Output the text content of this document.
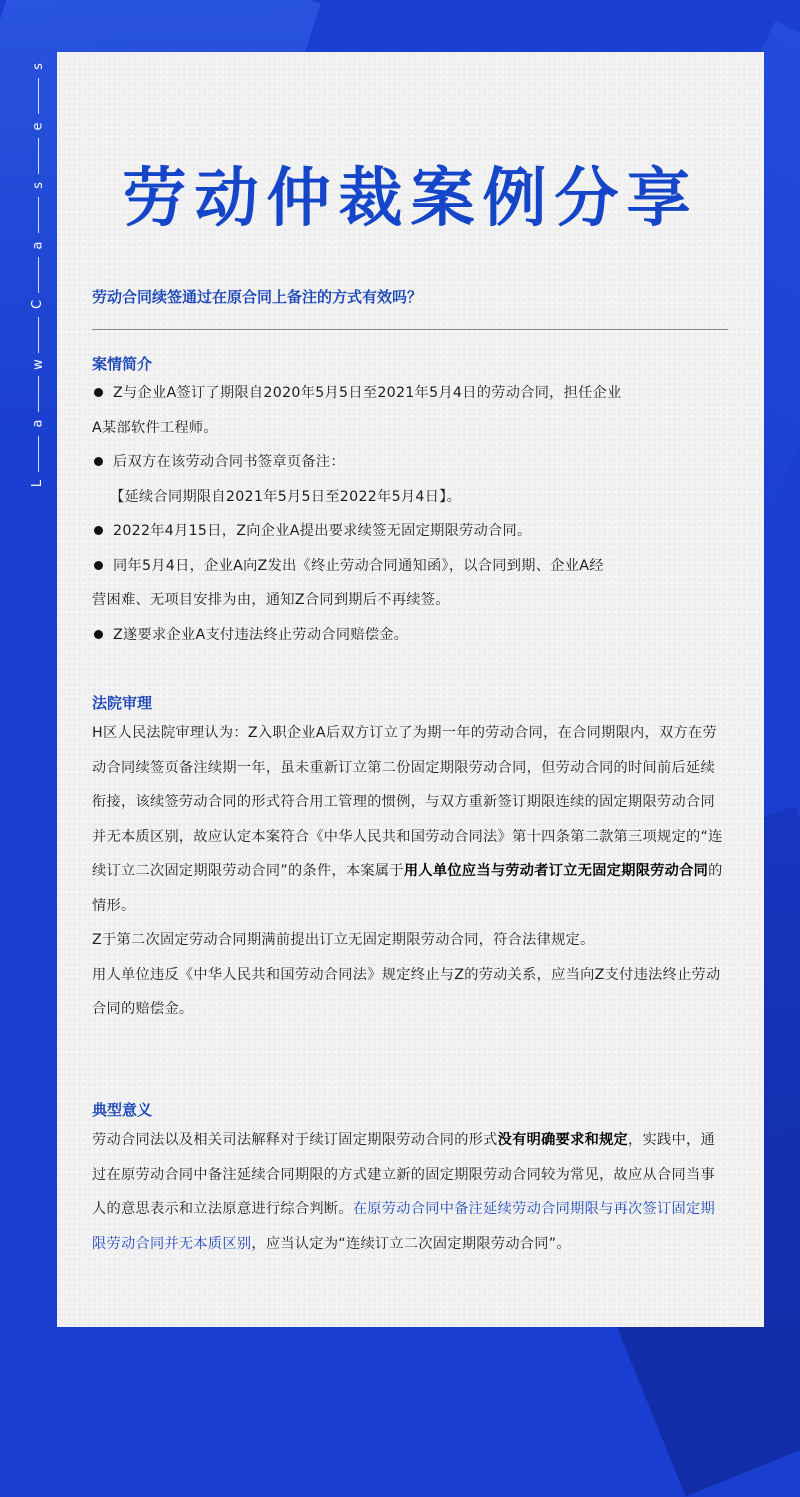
L
a
w
C
a
s
e
s
劳动仲裁案例分享
劳动合同续签通过在原合同上备注的方式有效吗？
案情简介
Z与企业A签订了期限自2020年5月5日至2021年5月4日的劳动合同，担任企业
A某部软件工程师。
后双方在该劳动合同书签章页备注：
【延续合同期限自2021年5月5日至2022年5月4日】。
2022年4月15日，Z向企业A提出要求续签无固定期限劳动合同。
同年5月4日，企业A向Z发出《终止劳动合同通知函》，以合同到期、企业A经
营困难、无项目安排为由，通知Z合同到期后不再续签。
Z遂要求企业A支付违法终止劳动合同赔偿金。
法院审理
H区人民法院审理认为：Z入职企业A后双方订立了为期一年的劳动合同，在合同期限内，双方在劳动合同续签页备注续期一年，虽未重新订立第二份固定期限劳动合同，但劳动合同的时间前后延续衔接，该续签劳动合同的形式符合用工管理的惯例，与双方重新签订期限连续的固定期限劳动合同并无本质区别，故应认定本案符合《中华人民共和国劳动合同法》第十四条第二款第三项规定的“连续订立二次固定期限劳动合同”的条件，本案属于用人单位应当与劳动者订立无固定期限劳动合同的情形。
Z于第二次固定劳动合同期满前提出订立无固定期限劳动合同，符合法律规定。
用人单位违反《中华人民共和国劳动合同法》规定终止与Z的劳动关系，应当向Z支付违法终止劳动合同的赔偿金。
典型意义
劳动合同法以及相关司法解释对于续订固定期限劳动合同的形式没有明确要求和规定，实践中，通过在原劳动合同中备注延续合同期限的方式建立新的固定期限劳动合同较为常见，故应从合同当事人的意思表示和立法原意进行综合判断。在原劳动合同中备注延续劳动合同期限与再次签订固定期限劳动合同并无本质区别，应当认定为“连续订立二次固定期限劳动合同”。
